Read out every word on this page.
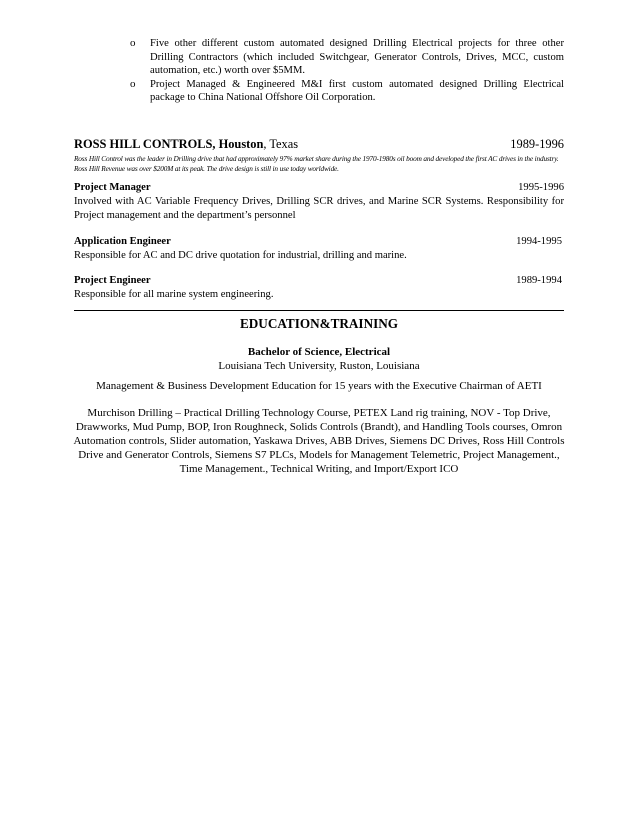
o Five other different custom automated designed Drilling Electrical projects for three other Drilling Contractors (which included Switchgear, Generator Controls, Drives, MCC, custom automation, etc.) worth over $5MM.
o Project Managed & Engineered M&I first custom automated designed Drilling Electrical package to China National Offshore Oil Corporation.
ROSS HILL CONTROLS, Houston, Texas	1989-1996
Ross Hill Control was the leader in Drilling drive that had approximately 97% market share during the 1970-1980s oil boom and developed the first AC drives in the industry. Ross Hill Revenue was over $200M at its peak. The drive design is still in use today worldwide.
Project Manager	1995-1996
Involved with AC Variable Frequency Drives, Drilling SCR drives, and Marine SCR Systems. Responsibility for Project management and the department’s personnel
Application Engineer	1994-1995
Responsible for AC and DC drive quotation for industrial, drilling and marine.
Project Engineer	1989-1994
Responsible for all marine system engineering.
EDUCATION&TRAINING
Bachelor of Science, Electrical
Louisiana Tech University, Ruston, Louisiana
Management & Business Development Education for 15 years with the Executive Chairman of AETI
Murchison Drilling – Practical Drilling Technology Course, PETEX Land rig training, NOV - Top Drive, Drawworks, Mud Pump, BOP, Iron Roughneck, Solids Controls (Brandt), and Handling Tools courses, Omron Automation controls, Slider automation, Yaskawa Drives, ABB Drives, Siemens DC Drives, Ross Hill Controls Drive and Generator Controls, Siemens S7 PLCs, Models for Management Telemetric, Project Management., Time Management., Technical Writing, and Import/Export ICO
